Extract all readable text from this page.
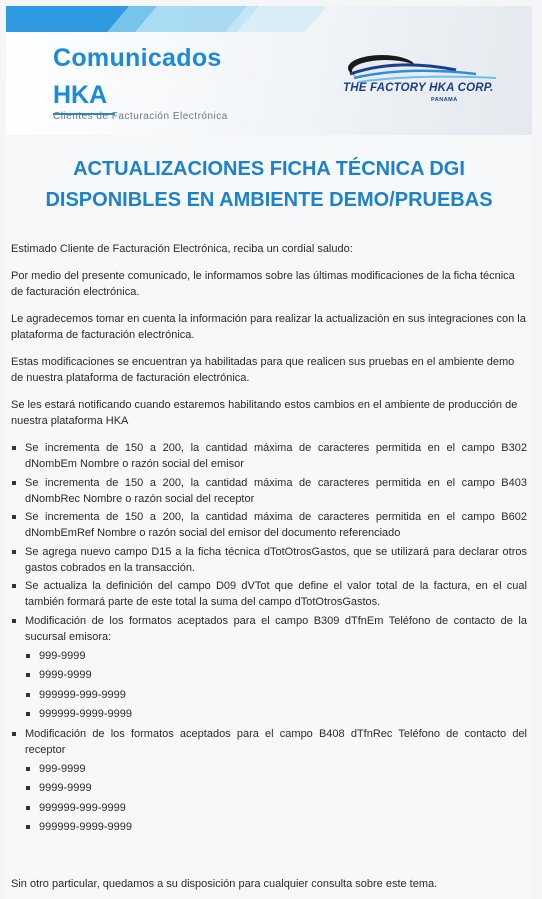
Comunicados
HKA
Clientes de Facturación Electrónica
THE FACTORY HKA CORP.
PANAMA
ACTUALIZACIONES FICHA TÉCNICA DGI
DISPONIBLES EN AMBIENTE DEMO/PRUEBAS

Estimado Cliente de Facturación Electrónica, reciba un cordial saludo:

Por medio del presente comunicado, le informamos sobre las últimas modificaciones de la ficha técnica de facturación electrónica.

Le agradecemos tomar en cuenta la información para realizar la actualización en sus integraciones con la plataforma de facturación electrónica.

Estas modificaciones se encuentran ya habilitadas para que realicen sus pruebas en el ambiente demo de nuestra plataforma de facturación electrónica.

Se les estará notificando cuando estaremos habilitando estos cambios en el ambiente de producción de nuestra plataforma HKA

Se incrementa de 150 a 200, la cantidad máxima de caracteres permitida en el campo B302 dNombEm Nombre o razón social del emisor
Se incrementa de 150 a 200, la cantidad máxima de caracteres permitida en el campo B403 dNombRec Nombre o razón social del receptor
Se incrementa de 150 a 200, la cantidad máxima de caracteres permitida en el campo B602 dNombEmRef Nombre o razón social del emisor del documento referenciado
Se agrega nuevo campo D15 a la ficha técnica dTotOtrosGastos, que se utilizará para declarar otros gastos cobrados en la transacción.
Se actualiza la definición del campo D09 dVTot que define el valor total de la factura, en el cual también formará parte de este total la suma del campo dTotOtrosGastos.
Modificación de los formatos aceptados para el campo B309 dTfnEm Teléfono de contacto de la sucursal emisora:
999-9999
9999-9999
999999-999-9999
999999-9999-9999
Modificación de los formatos aceptados para el campo B408 dTfnRec Teléfono de contacto del receptor
999-9999
9999-9999
999999-999-9999
999999-9999-9999
Sin otro particular, quedamos a su disposición para cualquier consulta sobre este tema.
